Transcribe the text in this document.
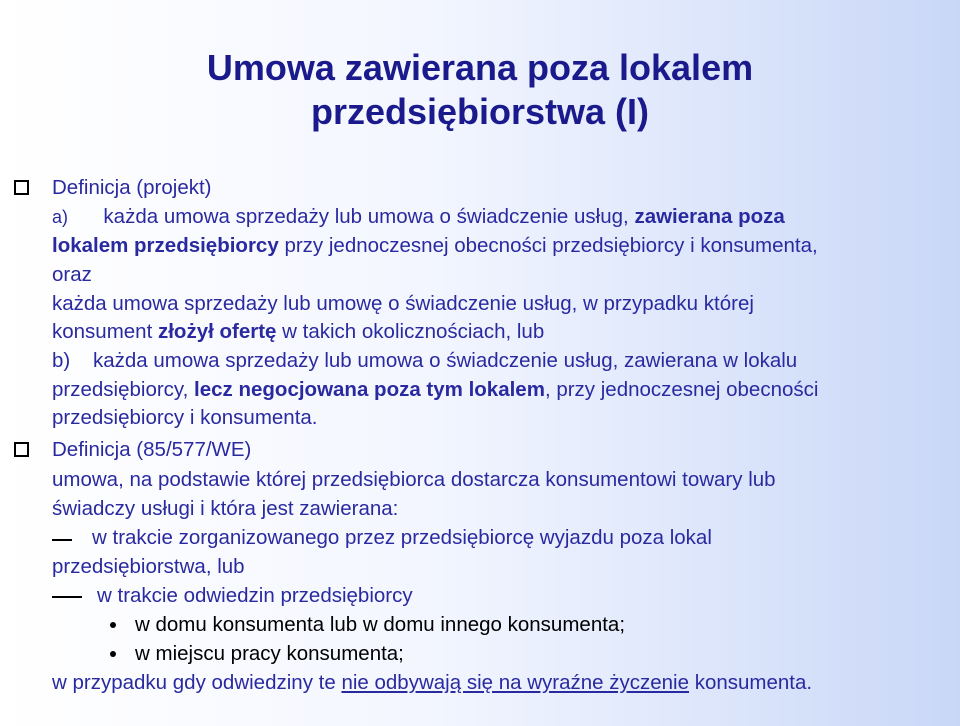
Umowa zawierana poza lokalem
przedsiębiorstwa (I)
Definicja (projekt)
a) każda umowa sprzedaży lub umowa o świadczenie usług, zawierana poza
lokalem przedsiębiorcy przy jednoczesnej obecności przedsiębiorcy i konsumenta,
oraz
każda umowa sprzedaży lub umowę o świadczenie usług, w przypadku której
konsument złożył ofertę w takich okolicznościach, lub
b)    każda umowa sprzedaży lub umowa o świadczenie usług, zawierana w lokalu
przedsiębiorcy, lecz negocjowana poza tym lokalem, przy jednoczesnej obecności
przedsiębiorcy i konsumenta.
Definicja (85/577/WE)
umowa, na podstawie której przedsiębiorca dostarcza konsumentowi towary lub
świadczy usługi i która jest zawierana:
w trakcie zorganizowanego przez przedsiębiorcę wyjazdu poza lokal
przedsiębiorstwa, lub
w trakcie odwiedzin przedsiębiorcy
w domu konsumenta lub w domu innego konsumenta;
w miejscu pracy konsumenta;
w przypadku gdy odwiedziny te nie odbywają się na wyraźne życzenie konsumenta.
